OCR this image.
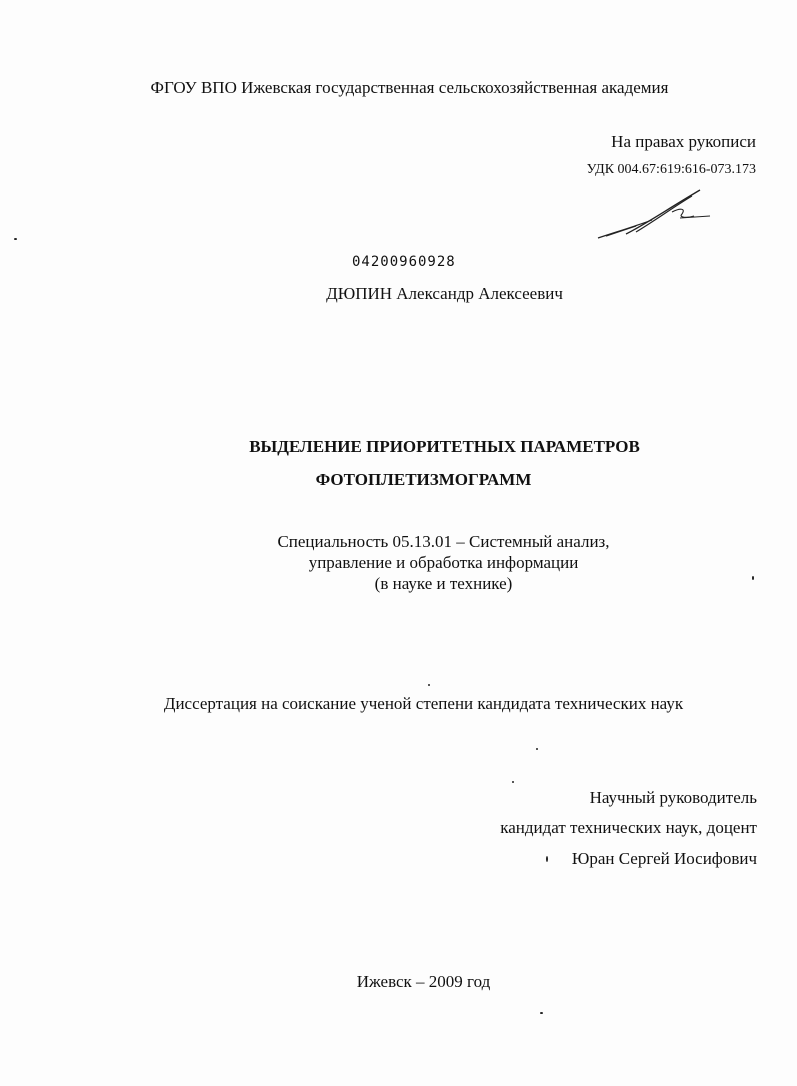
ФГОУ ВПО Ижевская государственная сельскохозяйственная академия
На правах рукописи
УДК 004.67:619:616-073.173
04200960928
ДЮПИН Александр Алексеевич
ВЫДЕЛЕНИЕ ПРИОРИТЕТНЫХ ПАРАМЕТРОВ
ФОТОПЛЕТИЗМОГРАММ
Специальность 05.13.01 – Системный анализ,
управление и обработка информации
(в науке и технике)
Диссертация на соискание ученой степени кандидата технических наук
Научный руководитель
кандидат технических наук, доцент
Юран Сергей Иосифович
Ижевск – 2009 год
